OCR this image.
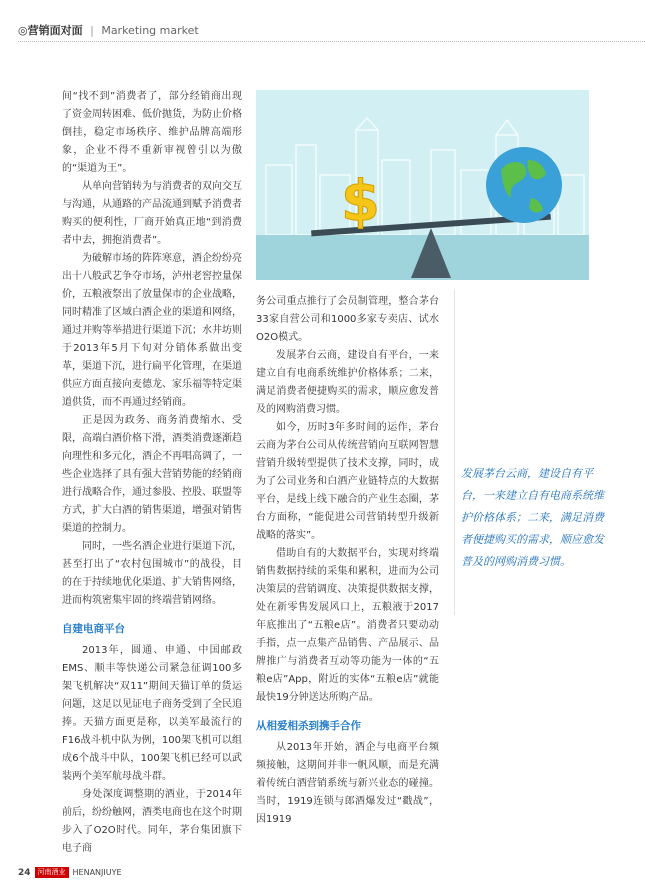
◎营销面对面 | Marketing market
$

间“找不到”消费者了，部分经销商出现了资金周转困难、低价抛货，为防止价格倒挂，稳定市场秩序、维护品牌高端形象，企业不得不重新审视曾引以为傲的“渠道为王”。

从单向营销转为与消费者的双向交互与沟通，从通路的产品流通到赋予消费者购买的便利性，厂商开始真正地“到消费者中去，拥抱消费者”。

为破解市场的阵阵寒意，酒企纷纷亮出十八般武艺争夺市场，泸州老窖控量保价，五粮液祭出了放量保市的企业战略，同时精准了区域白酒企业的渠道和网络，通过并购等举措进行渠道下沉；水井坊则于2013年5月下旬对分销体系做出变革，渠道下沉，进行扁平化管理，在渠道供应方面直接向麦德龙、家乐福等特定渠道供货，而不再通过经销商。

正是因为政务、商务消费缩水、受限，高端白酒价格下滑，酒类消费逐渐趋向理性和多元化，酒企不再唱高调了，一些企业选择了具有强大营销势能的经销商进行战略合作，通过参股、控股、联盟等方式，扩大白酒的销售渠道，增强对销售渠道的控制力。

同时，一些名酒企业进行渠道下沉，甚至打出了“农村包围城市”的战役，目的在于持续地优化渠道、扩大销售网络，进而构筑密集牢固的终端营销网络。

自建电商平台

2013年，圆通、申通、中国邮政EMS、顺丰等快递公司紧急征调100多架飞机解决“双11”期间天猫订单的货运问题，这足以见证电子商务受到了全民追捧。天猫方面更是称，以美军最流行的F16战斗机中队为例，100架飞机可以组成6个战斗中队，100架飞机已经可以武装两个美军航母战斗群。

身处深度调整期的酒业，于2014年前后，纷纷触网，酒类电商也在这个时期步入了O2O时代。同年，茅台集团旗下电子商

务公司重点推行了会员制管理，整合茅台33家自营公司和1000多家专卖店、试水O2O模式。

发展茅台云商，建设自有平台，一来建立自有电商系统维护价格体系；二来，满足消费者便捷购买的需求，顺应愈发普及的网购消费习惯。

如今，历时3年多时间的运作，茅台云商为茅台公司从传统营销向互联网智慧营销升级转型提供了技术支撑，同时，成为了公司业务和白酒产业链特点的大数据平台，是线上线下融合的产业生态圈，茅台方面称，“能促进公司营销转型升级新战略的落实”。

借助自有的大数据平台，实现对终端销售数据持续的采集和累积，进而为公司决策层的营销调度、决策提供数据支撑，处在新零售发展风口上，五粮液于2017年底推出了“五粮e店”。消费者只要动动手指，点一点集产品销售、产品展示、品牌推广与消费者互动等功能为一体的“五粮e店”App，附近的实体“五粮e店”就能最快19分钟送达所购产品。

从相爱相杀到携手合作

从2013年开始，酒企与电商平台频频接触，这期间并非一帆风顺，而是充满着传统白酒营销系统与新兴业态的碰撞。当时，1919连锁与郎酒爆发过“戳战”，因1919

发展茅台云商，建设自有平台，一来建立自有电商系统维护价格体系；二来，满足消费者便捷购买的需求，顺应愈发普及的网购消费习惯。
24	河南酒业 HENANJIUYE
